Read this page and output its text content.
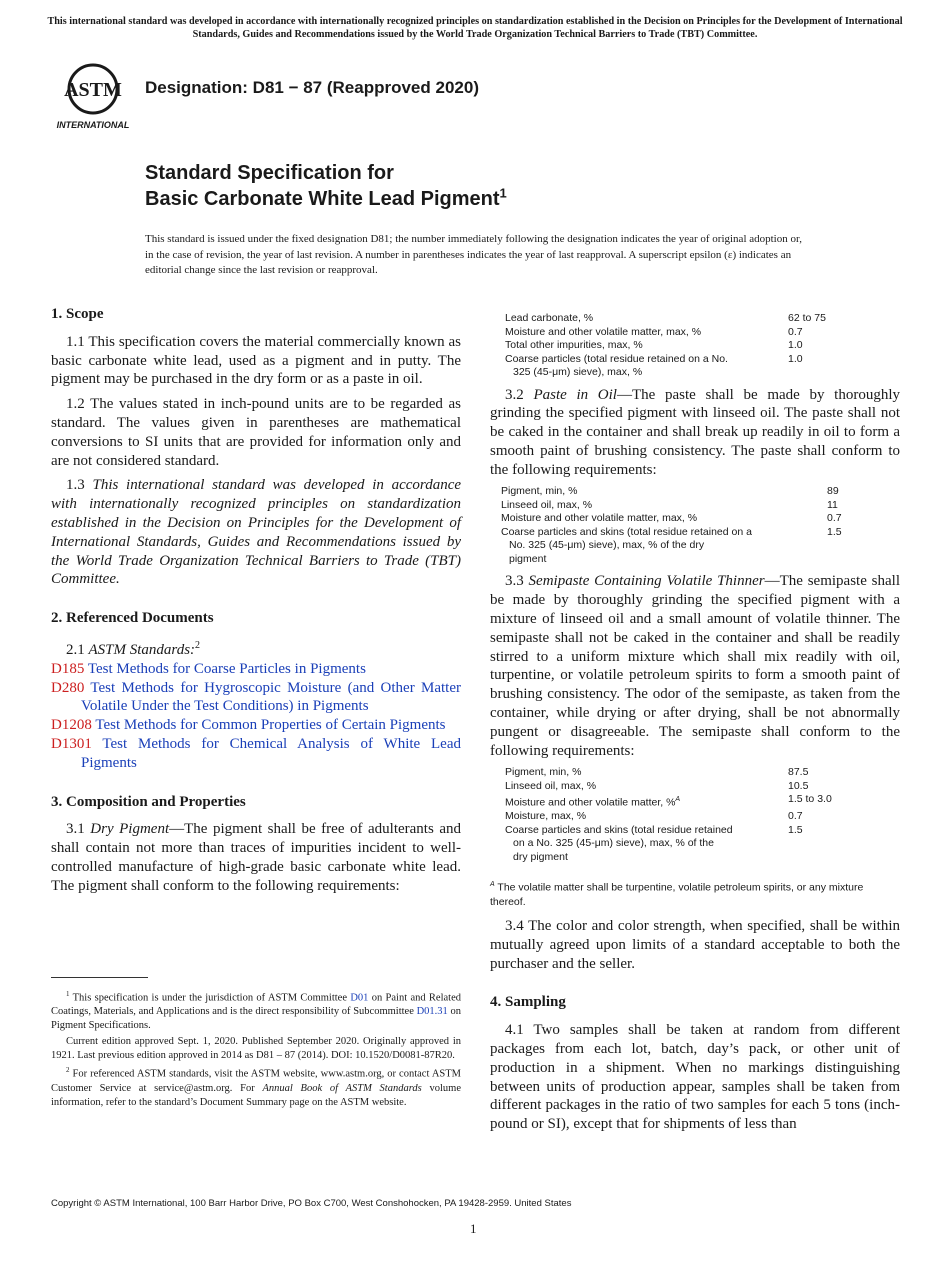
This international standard was developed in accordance with internationally recognized principles on standardization established in the Decision on Principles for the Development of International Standards, Guides and Recommendations issued by the World Trade Organization Technical Barriers to Trade (TBT) Committee.
ASTM
INTERNATIONAL
Designation: D81 − 87 (Reapproved 2020)
Standard Specification for
Basic Carbonate White Lead Pigment$^1$
This standard is issued under the fixed designation D81; the number immediately following the designation indicates the year of original adoption or, in the case of revision, the year of last revision. A number in parentheses indicates the year of last reapproval. A superscript epsilon (ε) indicates an editorial change since the last revision or reapproval.
1. Scope

1.1 This specification covers the material commercially known as basic carbonate white lead, used as a pigment and in putty. The pigment may be purchased in the dry form or as a paste in oil.

1.2 The values stated in inch-pound units are to be regarded as standard. The values given in parentheses are mathematical conversions to SI units that are provided for information only and are not considered standard.

1.3 This international standard was developed in accordance with internationally recognized principles on standardization established in the Decision on Principles for the Development of International Standards, Guides and Recommendations issued by the World Trade Organization Technical Barriers to Trade (TBT) Committee.

2. Referenced Documents

2.1 ASTM Standards:$^2$

D185 Test Methods for Coarse Particles in Pigments
D280 Test Methods for Hygroscopic Moisture (and Other Matter Volatile Under the Test Conditions) in Pigments
D1208 Test Methods for Common Properties of Certain Pigments
D1301 Test Methods for Chemical Analysis of White Lead Pigments
3. Composition and Properties

3.1 Dry Pigment—The pigment shall be free of adulterants and shall contain not more than traces of impurities incident to well-controlled manufacture of high-grade basic carbonate white lead. The pigment shall conform to the following requirements:

$^1$ This specification is under the jurisdiction of ASTM Committee D01 on Paint and Related Coatings, Materials, and Applications and is the direct responsibility of Subcommittee D01.31 on Pigment Specifications.

Current edition approved Sept. 1, 2020. Published September 2020. Originally approved in 1921. Last previous edition approved in 2014 as D81 – 87 (2014). DOI: 10.1520/D0081-87R20.

$^2$ For referenced ASTM standards, visit the ASTM website, www.astm.org, or contact ASTM Customer Service at service@astm.org. For Annual Book of ASTM Standards volume information, refer to the standard’s Document Summary page on the ASTM website.

Lead carbonate, %	62 to 75
Moisture and other volatile matter, max, %	0.7
Total other impurities, max, %	1.0
Coarse particles (total residue retained on a No.
325 (45-μm) sieve), max, %	1.0

3.2 Paste in Oil—The paste shall be made by thoroughly grinding the specified pigment with linseed oil. The paste shall not be caked in the container and shall break up readily in oil to form a smooth paint of brushing consistency. The paste shall conform to the following requirements:

Pigment, min, %	89
Linseed oil, max, %	11
Moisture and other volatile matter, max, %	0.7
Coarse particles and skins (total residue retained on a
No. 325 (45-μm) sieve), max, % of the dry
pigment	1.5

3.3 Semipaste Containing Volatile Thinner—The semipaste shall be made by thoroughly grinding the specified pigment with a mixture of linseed oil and a small amount of volatile thinner. The semipaste shall not be caked in the container and shall be readily stirred to a uniform mixture which shall mix readily with oil, turpentine, or volatile petroleum spirits to form a smooth paint of brushing consistency. The odor of the semipaste, as taken from the container, while drying or after drying, shall be not abnormally pungent or disagreeable. The semipaste shall conform to the following requirements:

Pigment, min, %	87.5
Linseed oil, max, %	10.5
Moisture and other volatile matter, %$^A$	1.5 to 3.0
Moisture, max, %	0.7
Coarse particles and skins (total residue retained
on a No. 325 (45-μm) sieve), max, % of the
dry pigment	1.5
$^A$ The volatile matter shall be turpentine, volatile petroleum spirits, or any mixture thereof.

3.4 The color and color strength, when specified, shall be within mutually agreed upon limits of a standard acceptable to both the purchaser and the seller.

4. Sampling

4.1 Two samples shall be taken at random from different packages from each lot, batch, day’s pack, or other unit of production in a shipment. When no markings distinguishing between units of production appear, samples shall be taken from different packages in the ratio of two samples for each 5 tons (inch-pound or SI), except that for shipments of less than

Copyright © ASTM International, 100 Barr Harbor Drive, PO Box C700, West Conshohocken, PA 19428-2959. United States
1
